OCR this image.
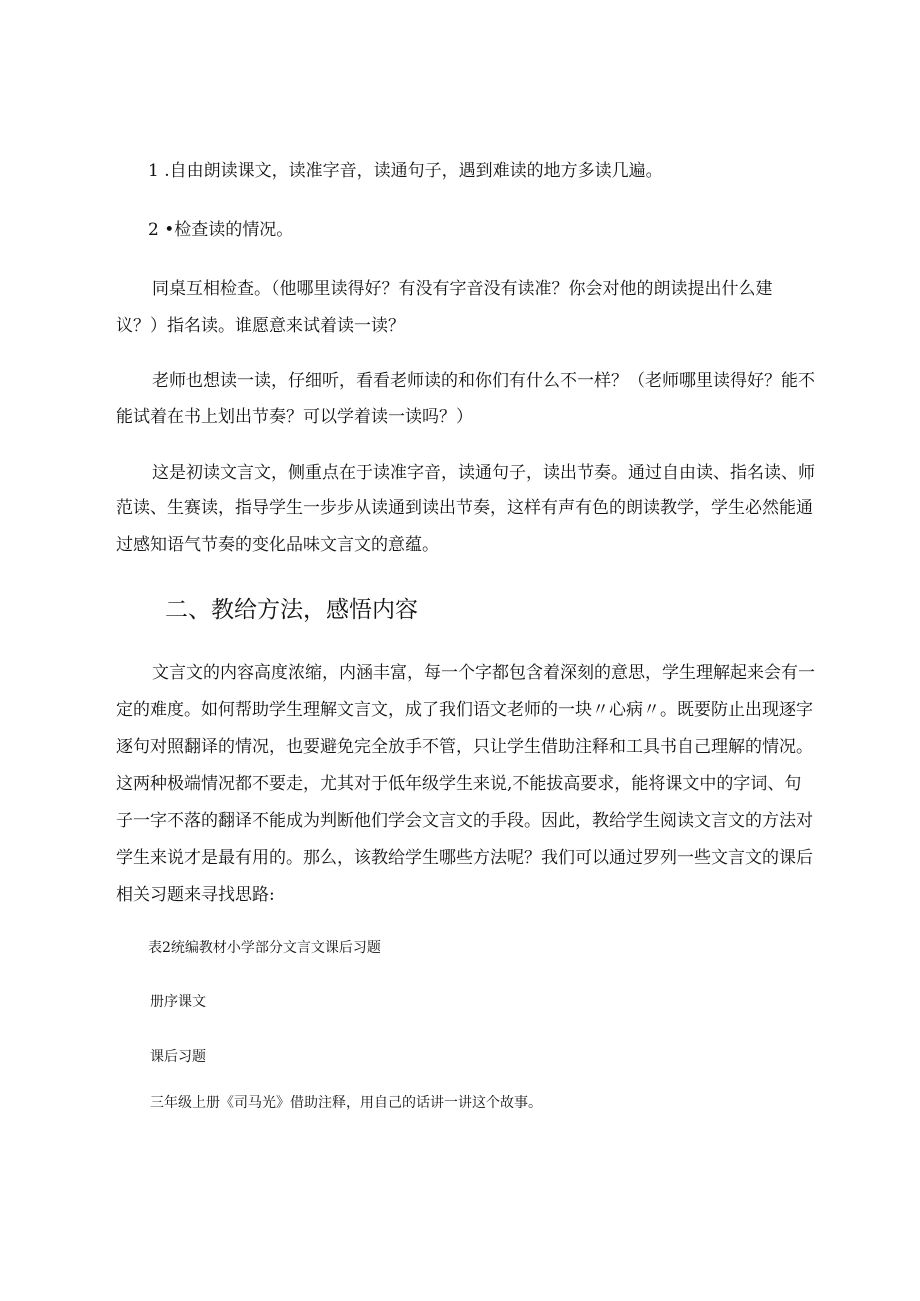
1 .自由朗读课文，读准字音，读通句子，遇到难读的地方多读几遍。
2 •检查读的情况。
同桌互相检查。（他哪里读得好？有没有字音没有读准？你会对他的朗读提出什么建
议？）指名读。谁愿意来试着读一读？
老师也想读一读，仔细听，看看老师读的和你们有什么不一样？（老师哪里读得好？能不
能试着在书上划出节奏？可以学着读一读吗？）
这是初读文言文，侧重点在于读准字音，读通句子，读出节奏。通过自由读、指名读、师
范读、生赛读，指导学生一步步从读通到读出节奏，这样有声有色的朗读教学，学生必然能通
过感知语气节奏的变化品味文言文的意蕴。
二、教给方法，感悟内容
文言文的内容高度浓缩，内涵丰富，每一个字都包含着深刻的意思，学生理解起来会有一
定的难度。如何帮助学生理解文言文，成了我们语文老师的一块〃心病〃。既要防止出现逐字
逐句对照翻译的情况，也要避免完全放手不管，只让学生借助注释和工具书自己理解的情况。
这两种极端情况都不要走，尤其对于低年级学生来说,不能拔高要求，能将课文中的字词、句
子一字不落的翻译不能成为判断他们学会文言文的手段。因此，教给学生阅读文言文的方法对
学生来说才是最有用的。那么，该教给学生哪些方法呢？我们可以通过罗列一些文言文的课后
相关习题来寻找思路:
表2统编教材小学部分文言文课后习题
册序课文
课后习题
三年级上册《司马光》借助注释，用自己的话讲一讲这个故事。
